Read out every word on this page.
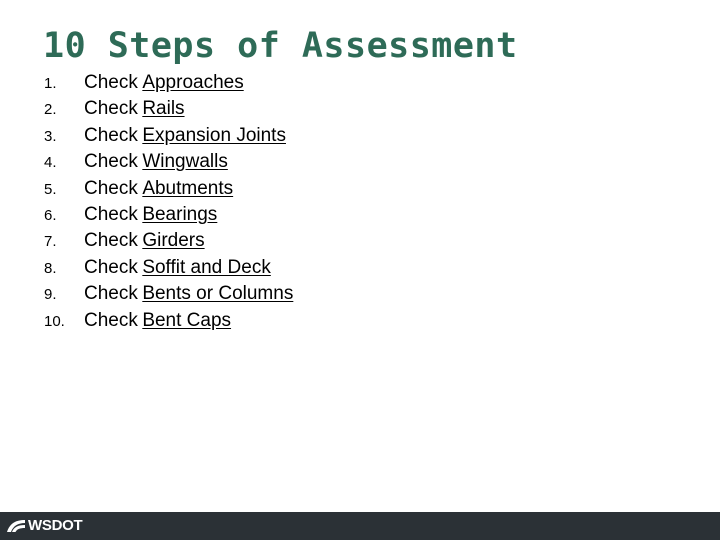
10 Steps of Assessment
1.	Check
Approaches
2.	Check
Rails
3.	Check
Expansion Joints
4.	Check
Wingwalls
5.	Check
Abutments
6.	Check
Bearings
7.	Check
Girders
8.	Check
Soffit and Deck
9.	Check
Bents or Columns
10.	Check
Bent Caps
WSDOT
